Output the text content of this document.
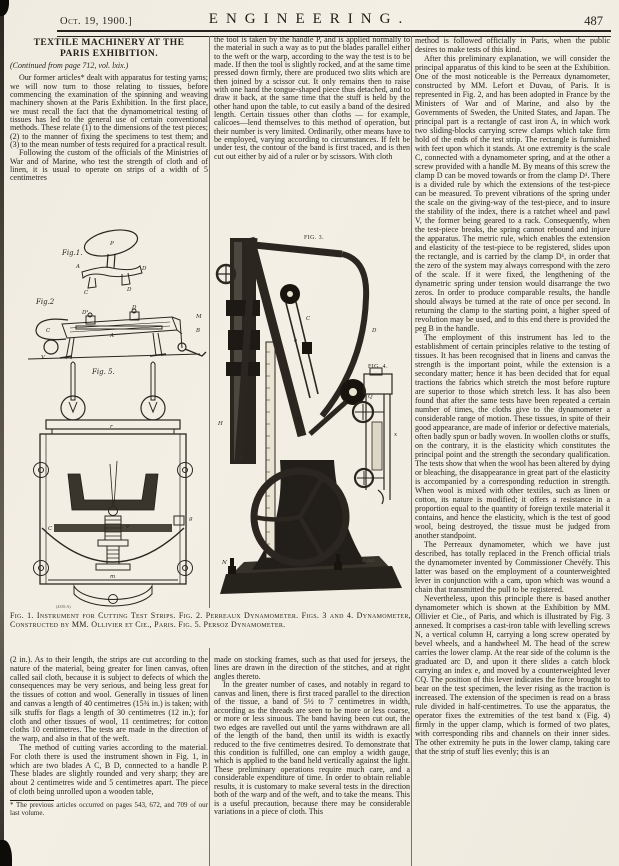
Oct. 19, 1900.]	ENGINEERING.	487
TEXTILE MACHINERY AT THE
PARIS EXHIBITION.

(Continued from page 712, vol. lxix.)

Our former articles* dealt with apparatus for testing yarns; we will now turn to those relating to tissues, before commencing the examination of the spinning and weaving machinery shown at the Paris Exhibition. In the first place, we must recall the fact that the dynamometrical testing of tissues has led to the general use of certain conventional methods. These relate (1) to the dimensions of the test pieces; (2) to the manner of fixing the specimens to test them; and (3) to the mean number of tests required for a practical result.

Following the custom of the officials of the Ministries of War and of Marine, who test the strength of cloth and of linen, it is usual to operate on strips of a width of 5 centimetres

Fig.1.
P
A
C
D
D
Fig.2
C
D¹
D
A
M
B
V
Fig. 5.
r
g
C	v
m
(4339.A)

the tool is taken by the handle P, and is applied normally to the material in such a way as to put the blades parallel either to the weft or the warp, according to the way the test is to be made. If then the tool is slightly rocked, and at the same time pressed down firmly, there are produced two slits which are then joined by a scissor cut. It only remains then to raise with one hand the tongue-shaped piece thus detached, and to draw it back, at the same time that the stuff is held by the other hand upon the table, to cut easily a band of the desired length. Certain tissues other than cloths — for example, calicoes—lend themselves to this method of operation, but their number is very limited. Ordinarily, other means have to be employed, varying according to circumstances. If felt be under test, the contour of the band is first traced, and is then cut out either by aid of a ruler or by scissors. With cloth

FIG. 3.
e
N
H
C
D
Q
M
SCALE
FIG. 4.
x
Fig. 1. Instrument for Cutting Test Strips. Fig. 2. Perreaux Dynamometer. Figs. 3 and 4. Dynamometer, Constructed by MM. Ollivier et Cie., Paris. Fig. 5. Persoz Dynamometer.

(2 in.). As to their length, the strips are cut according to the nature of the material, being greater for linen canvas, often called sail cloth, because it is subject to defects of which the consequences may be very serious, and being less great for the tissues of cotton and wool. Generally in tissues of linen and canvas a length of 40 centimetres (15¾ in.) is taken; with silk stuffs for flags a length of 30 centimetres (12 in.); for cloth and other tissues of wool, 11 centimetres; for cotton cloths 10 centimetres. The tests are made in the direction of the warp, and also in that of the weft.

The method of cutting varies according to the material. For cloth there is used the instrument shown in Fig. 1, in which are two blades A C, B D, connected to a handle P. These blades are slightly rounded and very sharp; they are about 2 centimetres wide and 5 centimetres apart. The piece of cloth being unrolled upon a wooden table,

* The previous articles occurred on pages 543, 672, and 709 of our last volume.

made on stocking frames, such as that used for jerseys, the lines are drawn in the direction of the stitches, and at right angles thereto.

In the greater number of cases, and notably in regard to canvas and linen, there is first traced parallel to the direction of the tissue, a band of 5½ to 7 centimetres in width, according as the threads are seen to be more or less coarse, or more or less sinuous. The band having been cut out, the two edges are ravelled out until the yarns withdrawn are all of the length of the band, then until its width is exactly reduced to the five centimetres desired. To demonstrate that this condition is fulfilled, one can employ a width gauge, which is applied to the band held vertically against the light. These preliminary operations require much care, and a considerable expenditure of time. In order to obtain reliable results, it is customary to make several tests in the direction both of the warp and of the weft, and to take the means. This is a useful precaution, because there may be considerable variations in a piece of cloth. This

method is followed officially in Paris, when the public desires to make tests of this kind.

After this preliminary explanation, we will consider the principal apparatus of this kind to be seen at the Exhibition. One of the most noticeable is the Perreaux dynamometer, constructed by MM. Lefort et Duvau, of Paris. It is represented in Fig. 2, and has been adopted in France by the Ministers of War and of Marine, and also by the Governments of Sweden, the United States, and Japan. The principal part is a rectangle of cast iron A, in which work two sliding-blocks carrying screw clamps which take firm hold of the ends of the test strip. The rectangle is furnished with feet upon which it stands. At one extremity is the scale C, connected with a dynamometer spring, and at the other a screw provided with a handle M. By means of this screw the clamp D can be moved towards or from the clamp D¹. There is a divided rule by which the extensions of the test-piece can be measured. To prevent vibrations of the spring under the scale on the giving-way of the test-piece, and to insure the stability of the index, there is a ratchet wheel and pawl V, the former being geared to a rack. Consequently, when the test-piece breaks, the spring cannot rebound and injure the apparatus. The metric rule, which enables the extension and elasticity of the test-piece to be registered, slides upon the rectangle, and is carried by the clamp D¹, in order that the zero of the system may always correspond with the zero of the scale. If it were fixed, the lengthening of the dynametric spring under tension would disarrange the two zeros. In order to produce comparable results, the handle should always be turned at the rate of once per second. In returning the clamp to the starting point, a higher speed of revolution may be used, and to this end there is provided the peg B in the handle.

The employment of this instrument has led to the establishment of certain principles relative to the testing of tissues. It has been recognised that in linens and canvas the strength is the important point, while the extension is a secondary matter; hence it has been decided that for equal tractions the fabrics which stretch the most before rupture are superior to those which stretch less. It has also been found that after the same tests have been repeated a certain number of times, the cloths give to the dynamometer a considerable range of motion. These tissues, in spite of their good appearance, are made of inferior or defective materials, often badly spun or badly woven. In woollen cloths or stuffs, on the contrary, it is the elasticity which constitutes the principal point and the strength the secondary qualification. The tests show that when the wool has been altered by dying or bleaching, the disappearance in great part of the elasticity is accompanied by a corresponding reduction in strength. When wool is mixed with other textiles, such as linen or cotton, its nature is modified; it offers a resistance in a proportion equal to the quantity of foreign textile material it contains, and hence the elasticity, which is the test of good wool, being destroyed, the tissue must be judged from another standpoint.

The Perreaux dynamometer, which we have just described, has totally replaced in the French official trials the dynamometer invented by Commissioner Chevéfy. This latter was based on the employment of a counterweighted lever in conjunction with a cam, upon which was wound a chain that transmitted the pull to be registered.

Nevertheless, upon this principle there is based another dynamometer which is shown at the Exhibition by MM. Ollivier et Cie., of Paris, and which is illustrated by Fig. 3 annexed. It comprises a cast-iron table with levelling screws N, a vertical column H, carrying a long screw operated by bevel wheels, and a handwheel M. The head of the screw carries the lower clamp. At the rear side of the column is the graduated arc D, and upon it there slides a catch block carrying an index e, and moved by a counterweighted lever CQ. The position of this lever indicates the force brought to bear on the test specimen, the lever rising as the traction is increased. The extension of the specimen is read on a brass rule divided in half-centimetres. To use the apparatus, the operator fixes the extremities of the test band x (Fig. 4) firmly in the upper clamp, which is formed of two plates, with corresponding ribs and channels on their inner sides. The other extremity he puts in the lower clamp, taking care that the strip of stuff lies evenly; this is an
